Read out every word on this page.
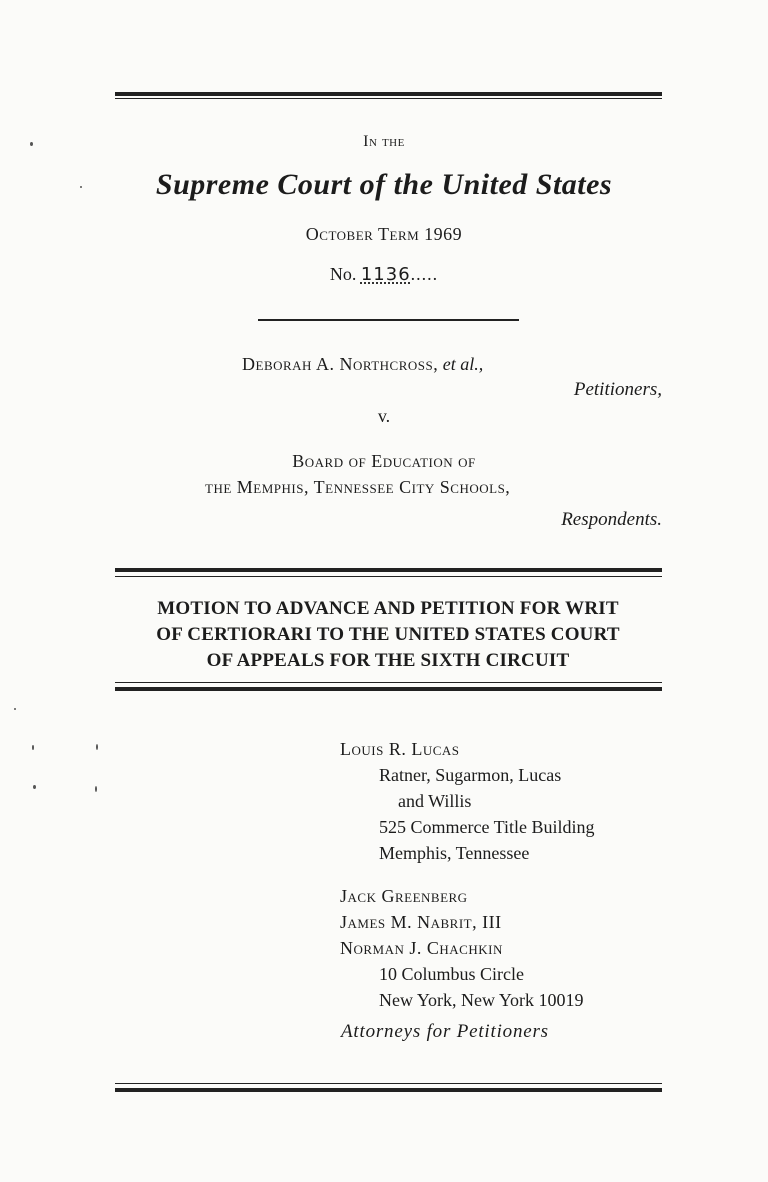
In the
Supreme Court of the United States
October Term 1969
No. 1136.....
Deborah A. Northcross, et al.,
Petitioners,
v.
Board of Education of
the Memphis, Tennessee City Schools,
Respondents.
MOTION TO ADVANCE AND PETITION FOR WRIT
OF CERTIORARI TO THE UNITED STATES COURT
OF APPEALS FOR THE SIXTH CIRCUIT
Louis R. Lucas
Ratner, Sugarmon, Lucas
and Willis
525 Commerce Title Building
Memphis, Tennessee
Jack Greenberg
James M. Nabrit, III
Norman J. Chachkin
10 Columbus Circle
New York, New York 10019
Attorneys for Petitioners
